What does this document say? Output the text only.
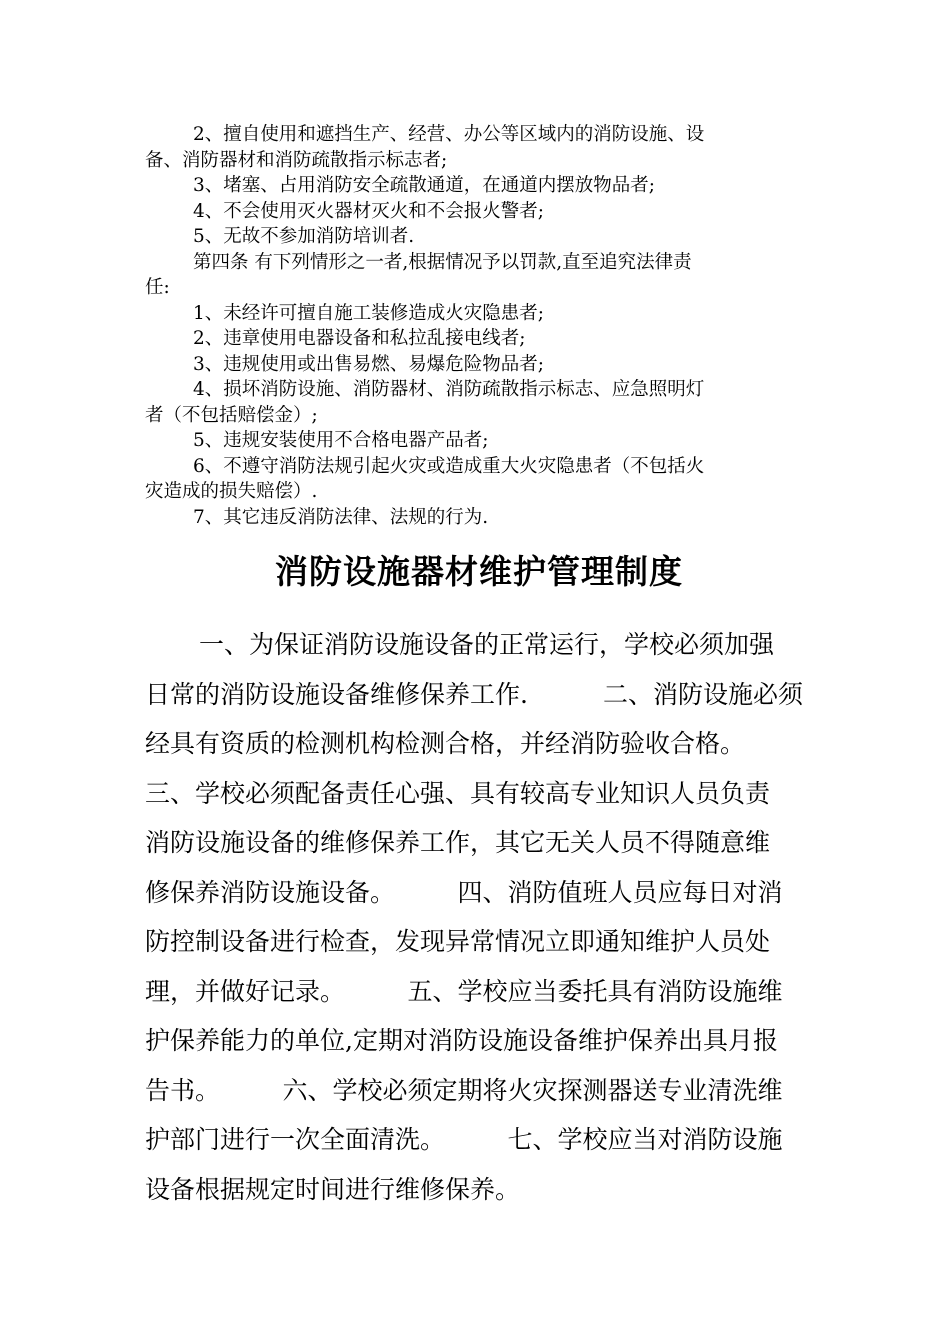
2、擅自使用和遮挡生产、经营、办公等区域内的消防设施、设

备、消防器材和消防疏散指示标志者;

3、堵塞、占用消防安全疏散通道，在通道内摆放物品者;

4、不会使用灭火器材灭火和不会报火警者;

5、无故不参加消防培训者.

第四条 有下列情形之一者,根据情况予以罚款,直至追究法律责

任:

1、未经许可擅自施工装修造成火灾隐患者;

2、违章使用电器设备和私拉乱接电线者;

3、违规使用或出售易燃、易爆危险物品者;

4、损坏消防设施、消防器材、消防疏散指示标志、应急照明灯

者（不包括赔偿金）;

5、违规安装使用不合格电器产品者;

6、不遵守消防法规引起火灾或造成重大火灾隐患者（不包括火

灾造成的损失赔偿）.

7、其它违反消防法律、法规的行为.

消防设施器材维护管理制度

一、为保证消防设施设备的正常运行，学校必须加强

日常的消防设施设备维修保养工作.　　　二、消防设施必须

经具有资质的检测机构检测合格，并经消防验收合格。

三、学校必须配备责任心强、具有较高专业知识人员负责

消防设施设备的维修保养工作，其它无关人员不得随意维

修保养消防设施设备。　　　四、消防值班人员应每日对消

防控制设备进行检查，发现异常情况立即通知维护人员处

理，并做好记录。　　　五、学校应当委托具有消防设施维

护保养能力的单位,定期对消防设施设备维护保养出具月报

告书。　　　六、学校必须定期将火灾探测器送专业清洗维

护部门进行一次全面清洗。　　　七、学校应当对消防设施

设备根据规定时间进行维修保养。
